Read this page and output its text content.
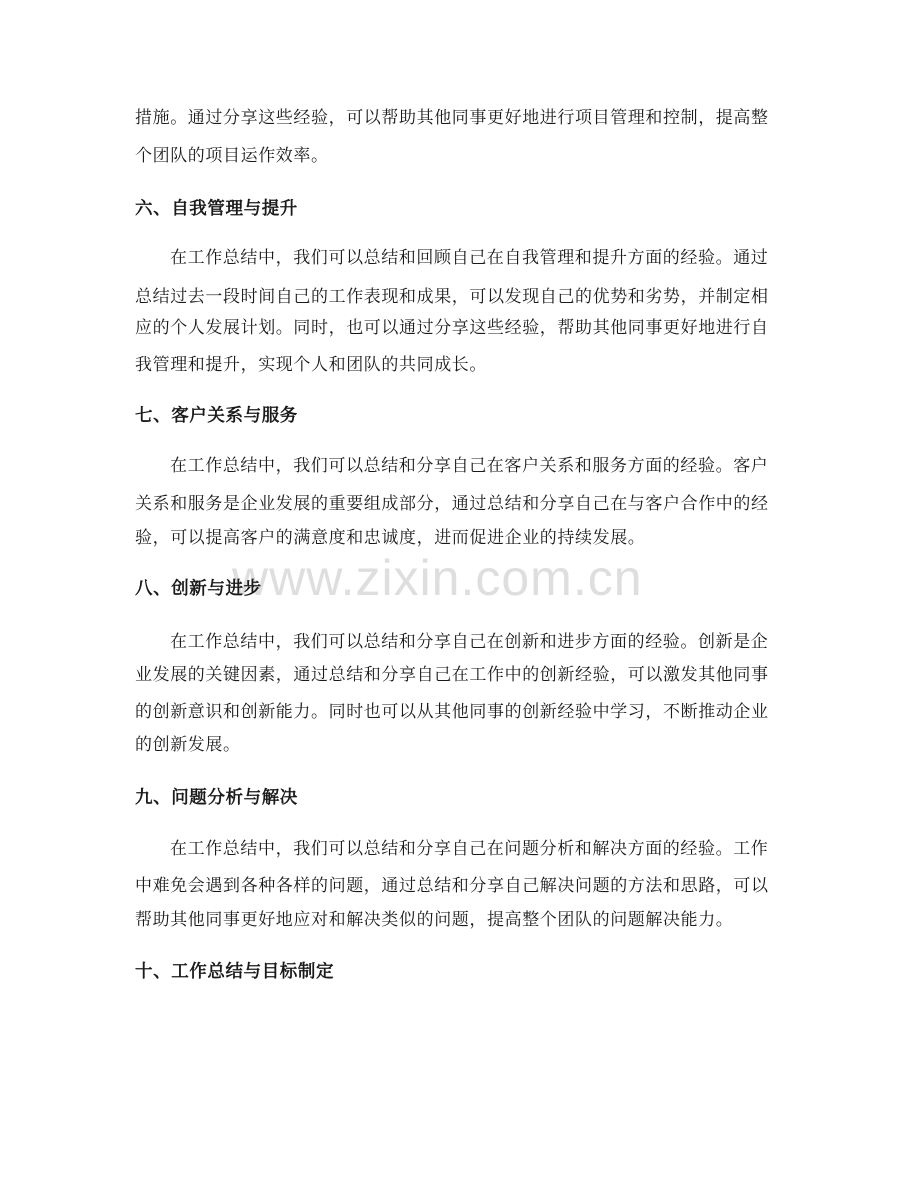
www.zixin.com.cn
措施。通过分享这些经验，可以帮助其他同事更好地进行项目管理和控制，提高整
个团队的项目运作效率。
六、自我管理与提升
在工作总结中，我们可以总结和回顾自己在自我管理和提升方面的经验。通过
总结过去一段时间自己的工作表现和成果，可以发现自己的优势和劣势，并制定相
应的个人发展计划。同时，也可以通过分享这些经验，帮助其他同事更好地进行自
我管理和提升，实现个人和团队的共同成长。
七、客户关系与服务
在工作总结中，我们可以总结和分享自己在客户关系和服务方面的经验。客户
关系和服务是企业发展的重要组成部分，通过总结和分享自己在与客户合作中的经
验，可以提高客户的满意度和忠诚度，进而促进企业的持续发展。
八、创新与进步
在工作总结中，我们可以总结和分享自己在创新和进步方面的经验。创新是企
业发展的关键因素，通过总结和分享自己在工作中的创新经验，可以激发其他同事
的创新意识和创新能力。同时也可以从其他同事的创新经验中学习，不断推动企业
的创新发展。
九、问题分析与解决
在工作总结中，我们可以总结和分享自己在问题分析和解决方面的经验。工作
中难免会遇到各种各样的问题，通过总结和分享自己解决问题的方法和思路，可以
帮助其他同事更好地应对和解决类似的问题，提高整个团队的问题解决能力。
十、工作总结与目标制定
